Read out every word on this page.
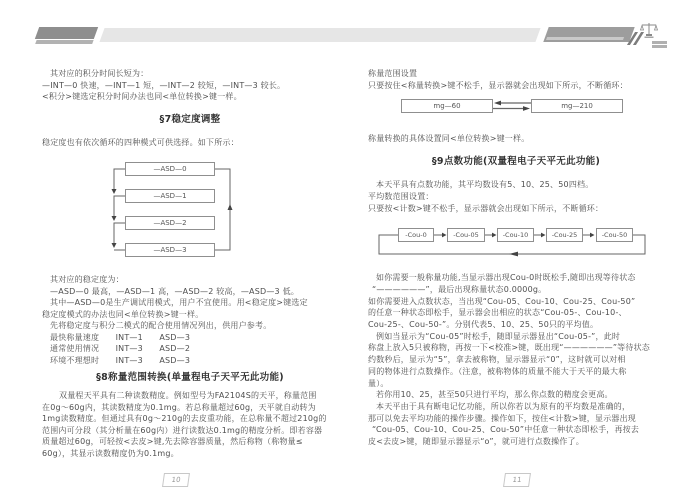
其对应的积分时间长短为：
—INT—0 快速，—INT—1 短，—INT—2 较短，—INT—3 较长。
<积分>键选定积分时间办法也同<单位转换>键一样。
§7稳定度调整
稳定度也有依次循环的四种模式可供选择。如下所示：
—ASD—0
—ASD—1
—ASD—2
—ASD—3
其对应的稳定度为：
—ASD—0 最高，—ASD—1 高，—ASD—2 较高，—ASD—3 低。
其中—ASD—0是生产调试用模式，用户不宜使用。用<稳定度>键选定
稳定度模式的办法也同<单位转换>键一样。
先将稳定度与积分二模式的配合使用情况列出，供用户参考。
最快称量速度　　INT—1　　ASD—3
通常使用情况　　INT—3　　ASD—2
环境不理想时　　INT—3　　ASD—3
§8称量范围转换(单量程电子天平无此功能)
双量程天平具有二种读数精度。例如型号为FA2104S的天平，称量范围
在0g～60g内，其读数精度为0.1mg。若总称量超过60g，天平就自动转为
1mg读数精度。但通过具有0g～210g的去皮重功能，在总称量不超过210g的
范围内可分段（其分析量在60g内）进行读数达0.1mg的精度分析。即若容器
质量超过60g，可轻按<去皮>键,先去除容器质量，然后称物（称物量≤
60g），其显示读数精度仍为0.1mg。
称量范围设置
只要按住<称量转换>键不松手，显示器就会出现如下所示，不断循环：
mg—60	mg—210
称量转换的具体设置同<单位转换>键一样。
§9点数功能(双量程电子天平无此功能)
本天平具有点数功能，其平均数设有5、10、25、50四档。
平均数范围设置：
只要按<计数>键不松手，显示器就会出现如下所示，不断循环：
-Cou-0	-Cou-05	-Cou-10	-Cou-25	-Cou-50
如你需要一般称量功能,当显示器出现Cou-0时既松手,随即出现等待状态
“——————”，最后出现称量状态0.0000g。
如你需要进入点数状态，当出现“Cou-05、Cou-10、Cou-25、Cou-50”
的任意一种状态即松手，显示器会出相应的状态“Cou-05-、Cou-10-、
Cou-25-、Cou-50-”。分别代表5、10、25、50只的平均值。
例如当显示为“Cou-05”时松手，随即显示器显出“Cou-05-”，此时
称盘上放入5只被称物，再按一下<校准>键，既出现“——————”等待状态
约数秒后，显示为“5”，拿去被称物，显示器显示“0”，这时就可以对相
同的物体进行点数操作。（注意，被称物体的质量不能大于天平的最大称
量）。
若你用10、25，甚至50只进行平均，那么你点数的精度会更高。
本天平由于具有断电记忆功能，所以你若以为原有的平均数是准确的，
那可以免去平均功能的操作步骤。操作如下，按住<计数>键，显示器出现
“Cou-05、Cou-10、Cou-25、Cou-50”中任意一种状态即松手，再按去
皮<去皮>键，随即显示器显示“o”，就可进行点数操作了。
10	11
